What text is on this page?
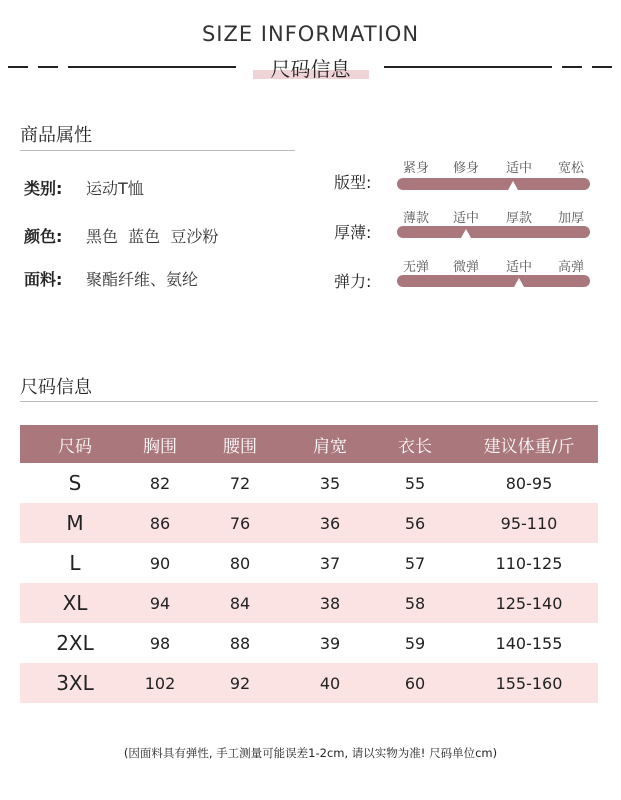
SIZE INFORMATION
尺码信息
商品属性
类别: 运动T恤
颜色: 黑色  蓝色  豆沙粉
面料: 聚酯纤维、氨纶
版型:
紧身 修身 适中 宽松
厚薄:
薄款 适中 厚款 加厚
弹力:
无弹 微弹 适中 高弹
尺码信息
尺码	胸围	腰围	肩宽	衣长	建议体重/斤
S	82	72	35	55	80-95
M	86	76	36	56	95-110
L	90	80	37	57	110-125
XL	94	84	38	58	125-140
2XL	98	88	39	59	140-155
3XL	102	92	40	60	155-160
(因面料具有弹性, 手工测量可能误差1-2cm, 请以实物为准! 尺码单位cm)
